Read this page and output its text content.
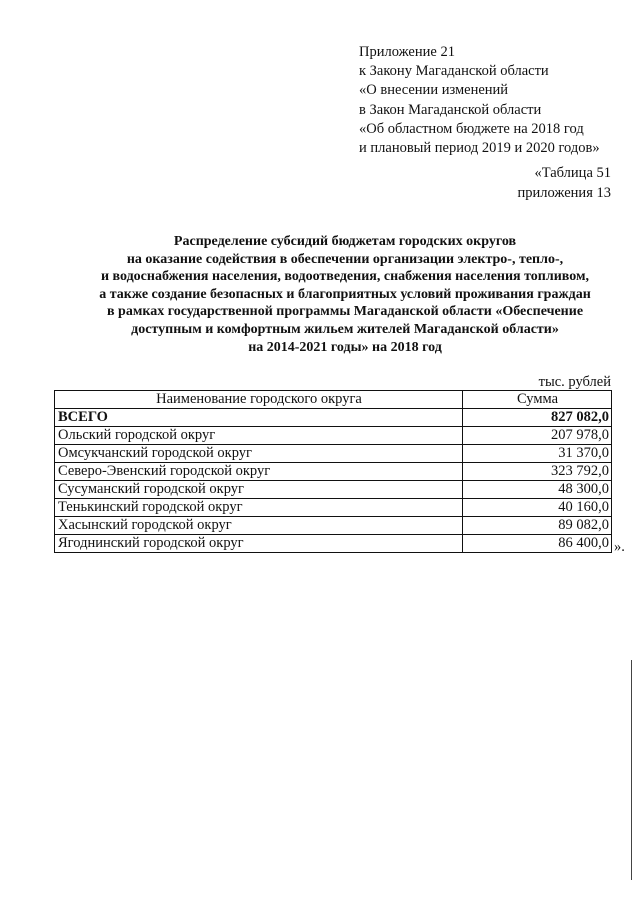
Приложение 21
к Закону Магаданской области
«О внесении изменений
в Закон Магаданской области
«Об областном бюджете на 2018 год
и плановый период 2019 и 2020 годов»
«Таблица 51
приложения 13
Распределение субсидий бюджетам городских округов
на оказание содействия в обеспечении организации электро-, тепло-,
и водоснабжения населения, водоотведения, снабжения населения топливом,
а также создание безопасных и благоприятных условий проживания граждан
в рамках государственной программы Магаданской области «Обеспечение
доступным и комфортным жильем жителей Магаданской области»
на 2014-2021 годы» на 2018 год
тыс. рублей
Наименование городского округа	Сумма
ВСЕГО	827 082,0
Ольский городской округ	207 978,0
Омсукчанский городской округ	31 370,0
Северо-Эвенский городской округ	323 792,0
Сусуманский городской округ	48 300,0
Тенькинский городской округ	40 160,0
Хасынский городской округ	89 082,0
Ягоднинский городской округ	86 400,0 ».
